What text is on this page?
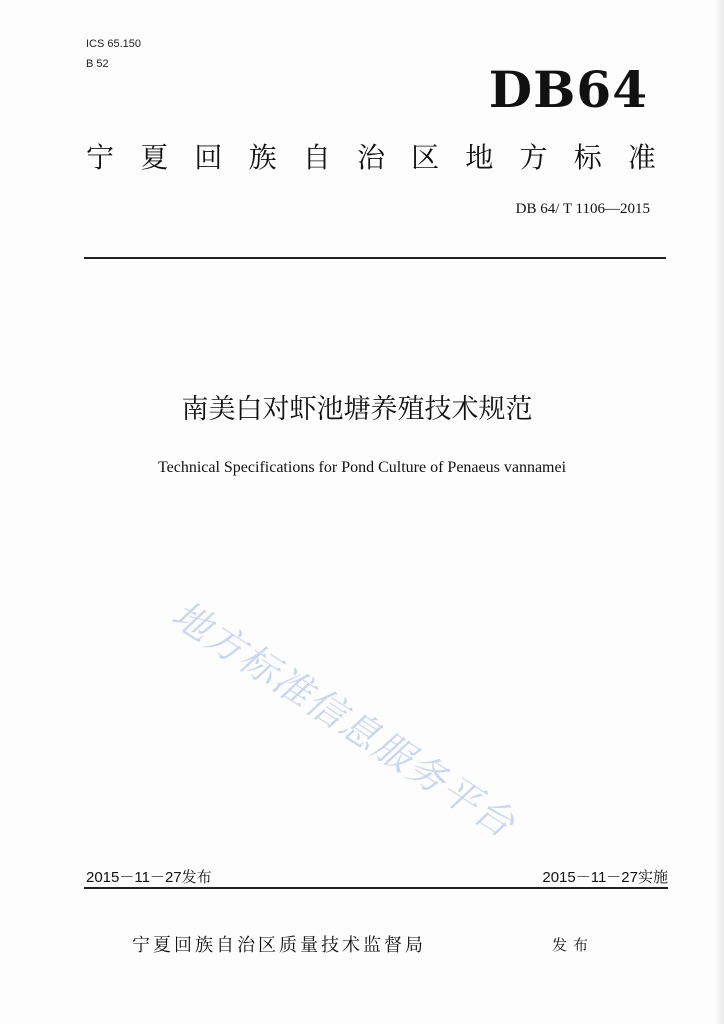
ICS 65.150
B 52	DB64
宁 夏 回 族 自 治 区 地 方 标 准
DB 64/ T 1106—2015
南美白对虾池塘养殖技术规范
Technical Specifications for Pond Culture of Penaeus vannamei
地方标准信息服务平台
2015－11－27发布	2015－11－27实施
宁夏回族自治区质量技术监督局	发布
